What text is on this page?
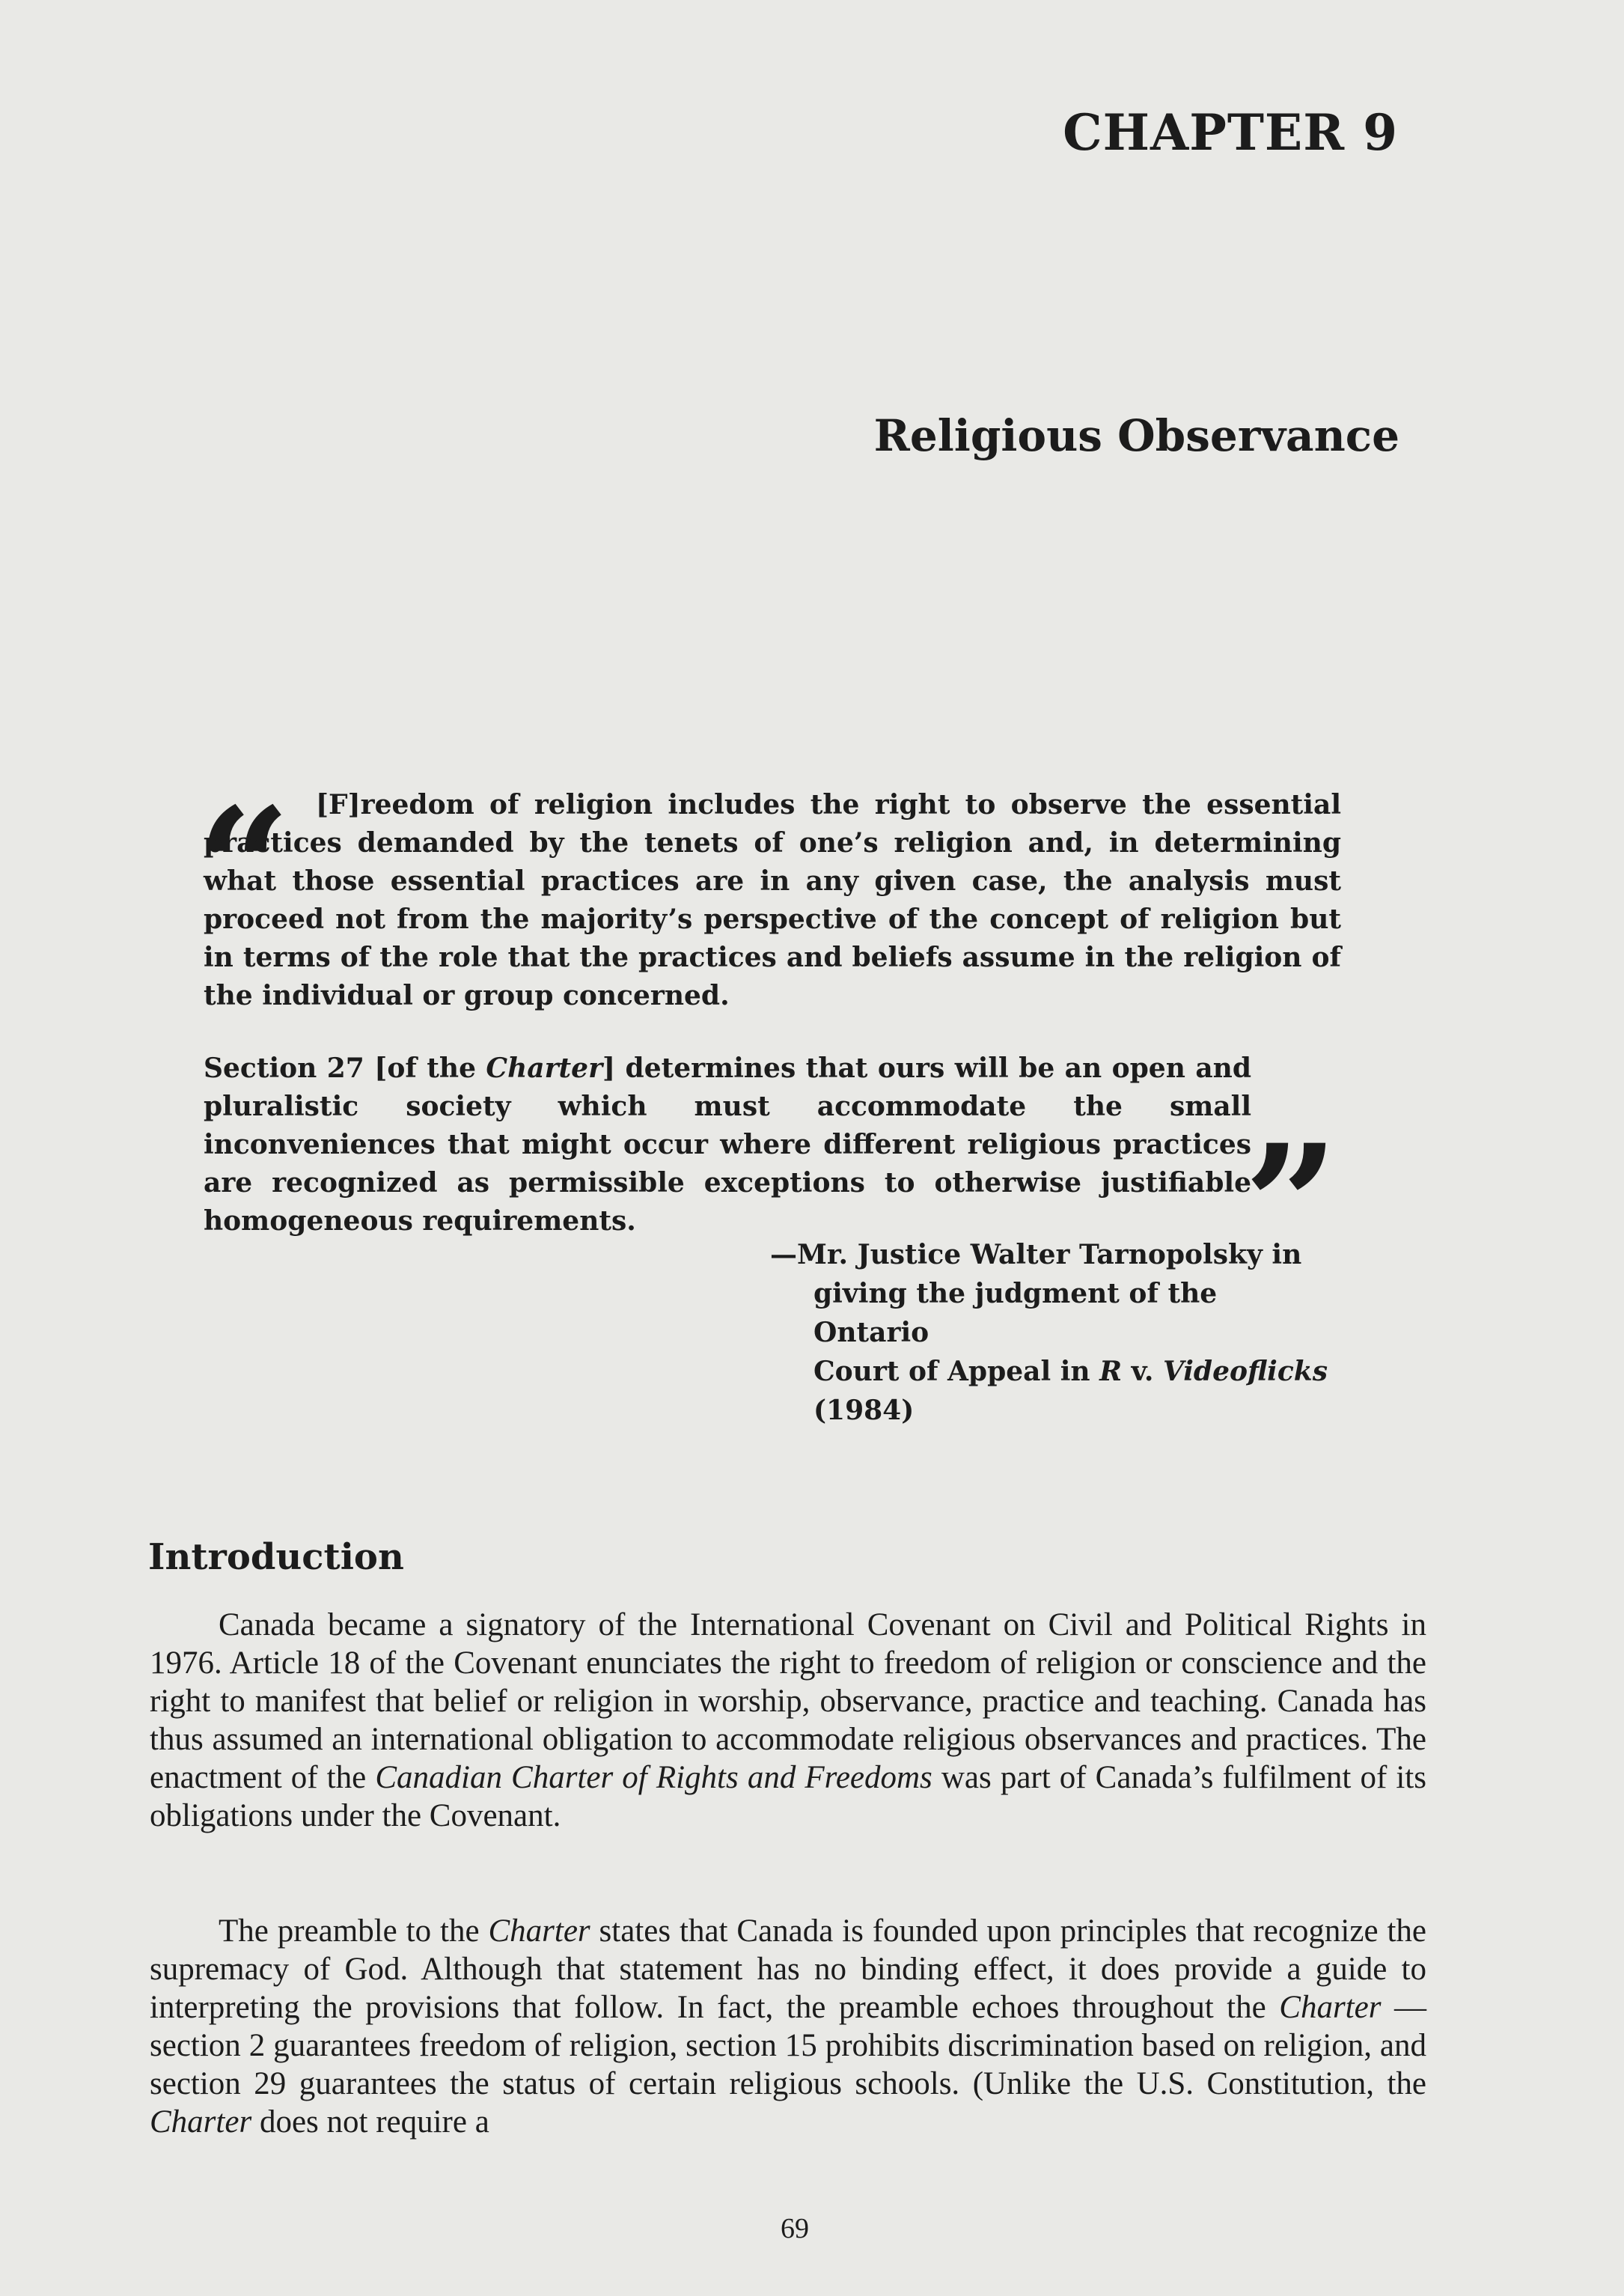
CHAPTER 9
Religious Observance
“ [F]reedom of religion includes the right to observe the essential practices demanded by the tenets of one’s religion and, in determining what those essential practices are in any given case, the analysis must proceed not from the majority’s perspective of the concept of religion but in terms of the role that the practices and beliefs assume in the religion of the individual or group concerned.

Section 27 [of the Charter] determines that ours will be an open and pluralistic society which must accommodate the small inconveniences that might occur where different religious practices are recognized as permissible exceptions to otherwise justifiable homogeneous requirements.	”
—Mr. Justice Walter Tarnopolsky in
giving the judgment of the Ontario
Court of Appeal in R v. Videoflicks
(1984)
Introduction

Canada became a signatory of the International Covenant on Civil and Political Rights in 1976. Article 18 of the Covenant enunciates the right to freedom of religion or conscience and the right to manifest that belief or religion in worship, observance, practice and teaching. Canada has thus assumed an international obligation to accommodate religious observances and practices. The enactment of the Canadian Charter of Rights and Freedoms was part of Canada’s fulfilment of its obligations under the Covenant.

The preamble to the Charter states that Canada is founded upon principles that recognize the supremacy of God. Although that statement has no binding effect, it does provide a guide to interpreting the provisions that follow. In fact, the preamble echoes throughout the Charter — section 2 guarantees freedom of religion, section 15 prohibits discrimination based on religion, and section 29 guarantees the status of certain religious schools. (Unlike the U.S. Constitution, the Charter does not require a

69
